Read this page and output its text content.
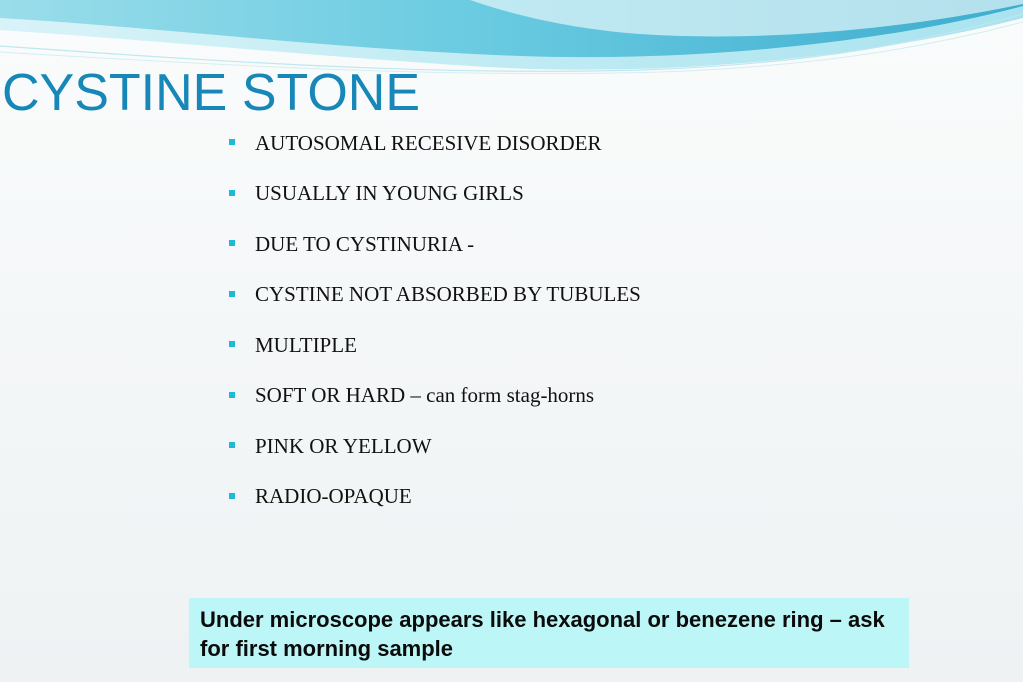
CYSTINE STONE
AUTOSOMAL RECESIVE DISORDER
USUALLY IN YOUNG GIRLS
DUE TO CYSTINURIA -
CYSTINE NOT ABSORBED BY TUBULES
MULTIPLE
SOFT OR HARD – can form stag-horns
PINK OR YELLOW
RADIO-OPAQUE
Under microscope appears like hexagonal or benezene ring – ask for first morning sample
